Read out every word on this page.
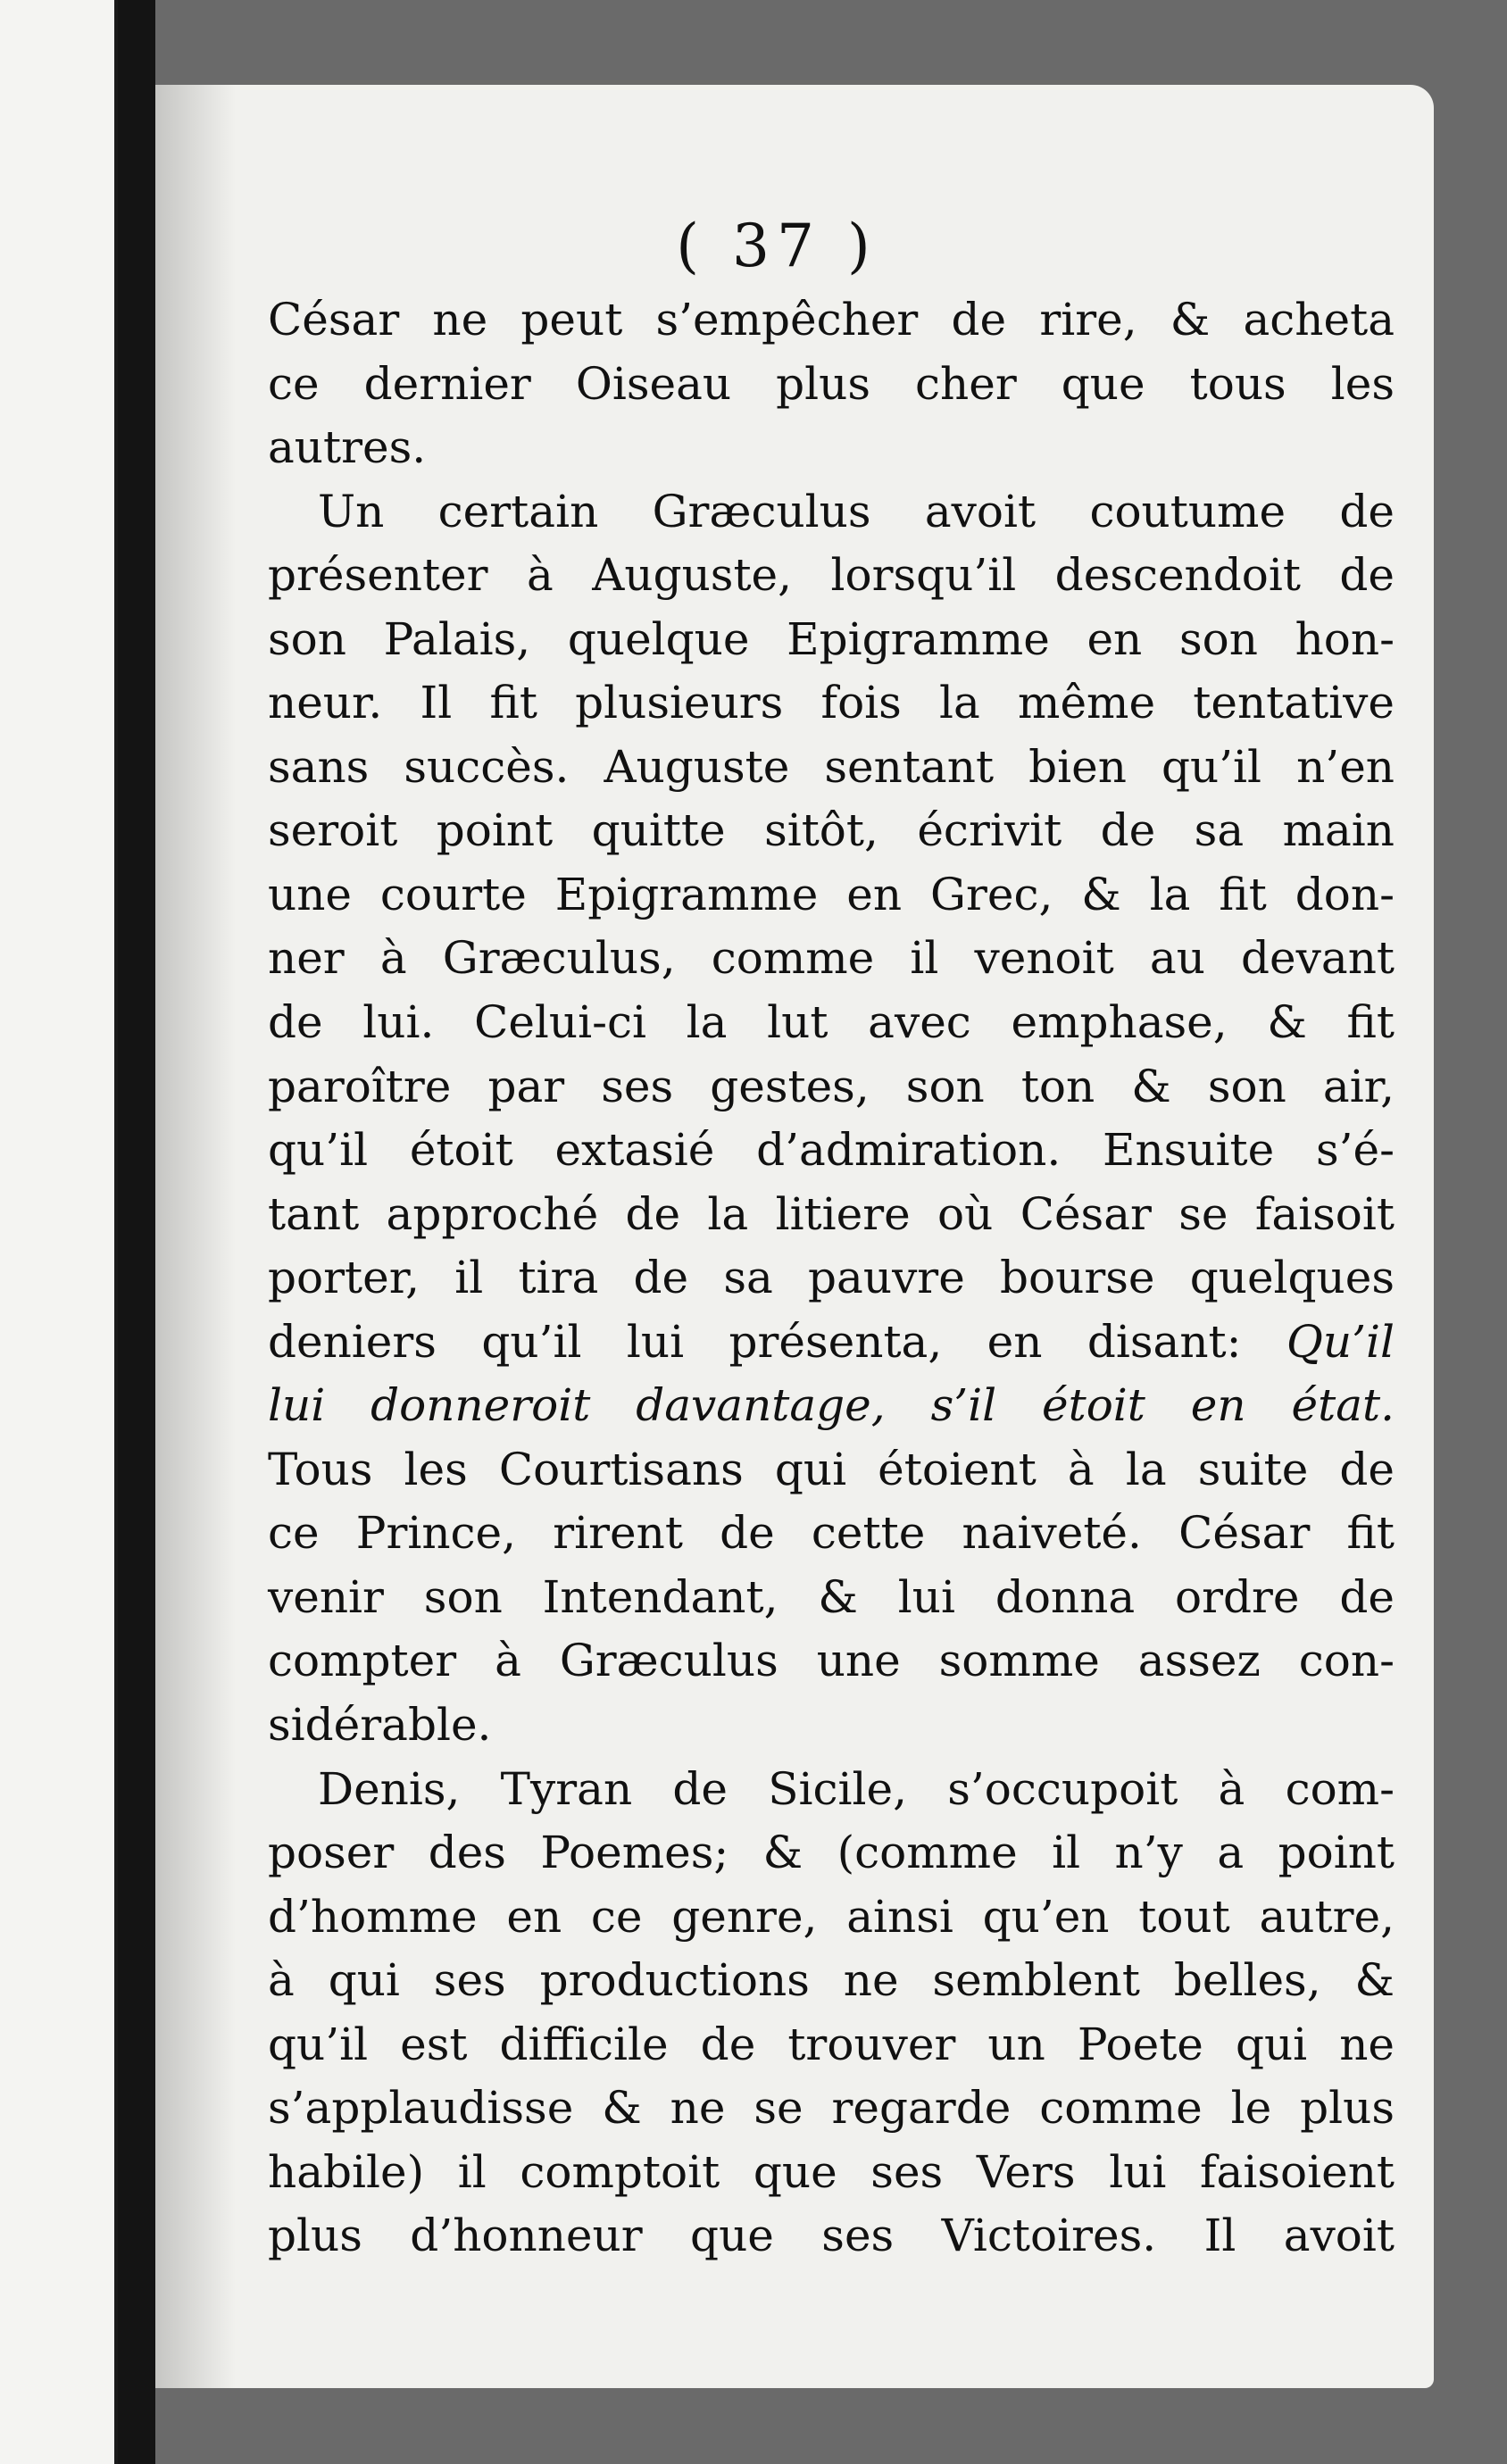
( 37 )
César ne peut s’empêcher de rire, & acheta
ce dernier Oiseau plus cher que tous les
autres.
Un certain Græculus avoit coutume de
présenter à Auguste, lorsqu’il descendoit de
son Palais, quelque Epigramme en son hon-
neur. Il fit plusieurs fois la même tentative
sans succès. Auguste sentant bien qu’il n’en
seroit point quitte sitôt, écrivit de sa main
une courte Epigramme en Grec, & la fit don-
ner à Græculus, comme il venoit au devant
de lui. Celui-ci la lut avec emphase, & fit
paroître par ses gestes, son ton & son air,
qu’il étoit extasié d’admiration. Ensuite s’é-
tant approché de la litiere où César se faisoit
porter, il tira de sa pauvre bourse quelques
deniers qu’il lui présenta, en disant: Qu’il
lui donneroit davantage, s’il étoit en état.
Tous les Courtisans qui étoient à la suite de
ce Prince, rirent de cette naiveté. César fit
venir son Intendant, & lui donna ordre de
compter à Græculus une somme assez con-
sidérable.
Denis, Tyran de Sicile, s’occupoit à com-
poser des Poemes; & (comme il n’y a point
d’homme en ce genre, ainsi qu’en tout autre,
à qui ses productions ne semblent belles, &
qu’il est difficile de trouver un Poete qui ne
s’applaudisse & ne se regarde comme le plus
habile) il comptoit que ses Vers lui faisoient
plus d’honneur que ses Victoires. Il avoit
